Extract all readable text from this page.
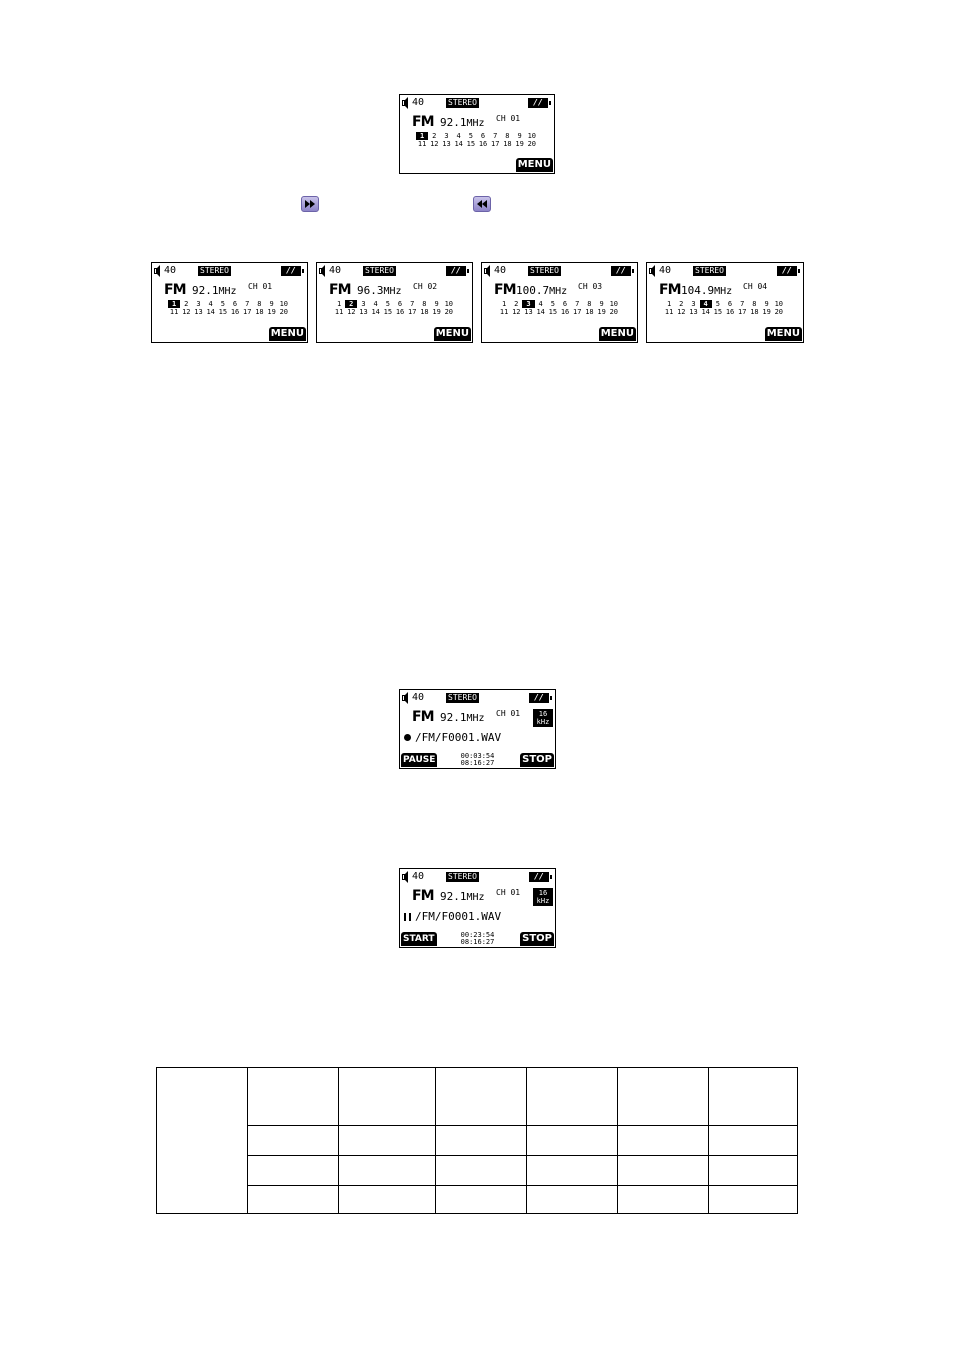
40	STEREO	//
FM 92.1MHz CH 01
1 2 3 4 5 6 7 8 9 10
11 12 13 14 15 16 17 18 19 20
MENU
40	STEREO	//
FM 92.1MHz CH 01
1 2 3 4 5 6 7 8 9 10
11 12 13 14 15 16 17 18 19 20
MENU
40	STEREO	//
FM 96.3MHz CH 02
1 2 3 4 5 6 7 8 9 10
11 12 13 14 15 16 17 18 19 20
MENU
40	STEREO	//
FM 100.7MHz CH 03
1 2 3 4 5 6 7 8 9 10
11 12 13 14 15 16 17 18 19 20
MENU
40	STEREO	//
FM 104.9MHz CH 04
1 2 3 4 5 6 7 8 9 10
11 12 13 14 15 16 17 18 19 20
MENU
40	STEREO	//
FM 92.1MHz CH 01	16
kHz
/FM/F0001.WAV
00:03:54
08:16:27
PAUSE	STOP
40	STEREO	//
FM 92.1MHz CH 01	16
kHz
/FM/F0001.WAV
00:23:54
08:16:27
START	STOP
